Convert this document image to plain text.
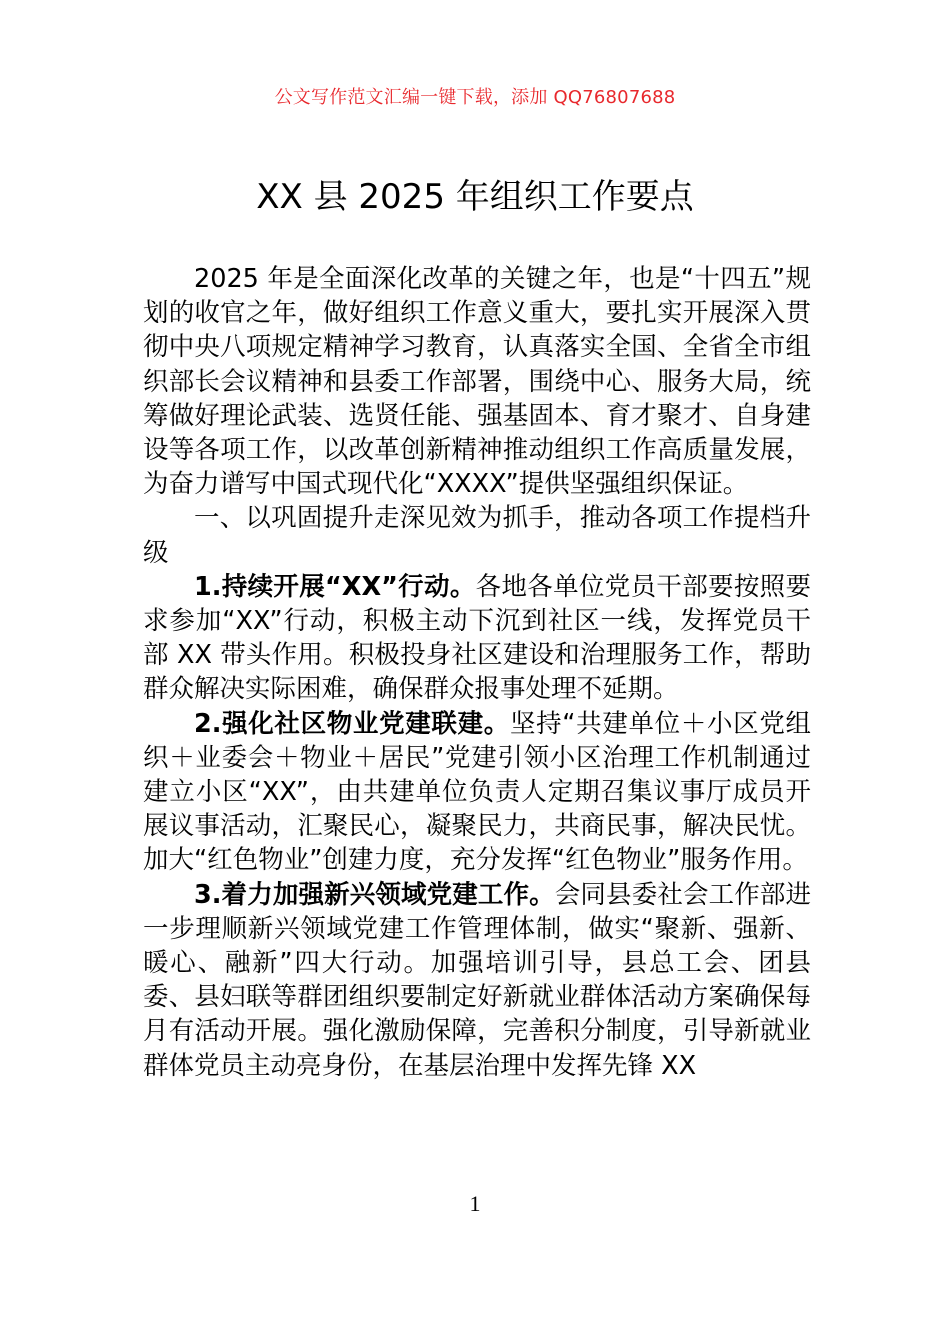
公文写作范文汇编一键下载，添加 QQ76807688
XX 县 2025 年组织工作要点

2025 年是全面深化改革的关键之年，也是“十四五”规划的收官之年，做好组织工作意义重大，要扎实开展深入贯彻中央八项规定精神学习教育，认真落实全国、全省全市组织部长会议精神和县委工作部署，围绕中心、服务大局，统筹做好理论武装、选贤任能、强基固本、育才聚才、自身建设等各项工作，以改革创新精神推动组织工作高质量发展，为奋力谱写中国式现代化“XXXX”提供坚强组织保证。

一、以巩固提升走深见效为抓手，推动各项工作提档升级

1.持续开展“XX”行动。各地各单位党员干部要按照要求参加“XX”行动，积极主动下沉到社区一线，发挥党员干部 XX 带头作用。积极投身社区建设和治理服务工作，帮助群众解决实际困难，确保群众报事处理不延期。

2.强化社区物业党建联建。坚持“共建单位＋小区党组织＋业委会＋物业＋居民”党建引领小区治理工作机制通过建立小区“XX”，由共建单位负责人定期召集议事厅成员开展议事活动，汇聚民心，凝聚民力，共商民事，解决民忧。加大“红色物业”创建力度，充分发挥“红色物业”服务作用。

3.着力加强新兴领域党建工作。会同县委社会工作部进一步理顺新兴领域党建工作管理体制，做实“聚新、强新、暖心、融新”四大行动。加强培训引导，县总工会、团县委、县妇联等群团组织要制定好新就业群体活动方案确保每月有活动开展。强化激励保障，完善积分制度，引导新就业群体党员主动亮身份，在基层治理中发挥先锋 XX

1
